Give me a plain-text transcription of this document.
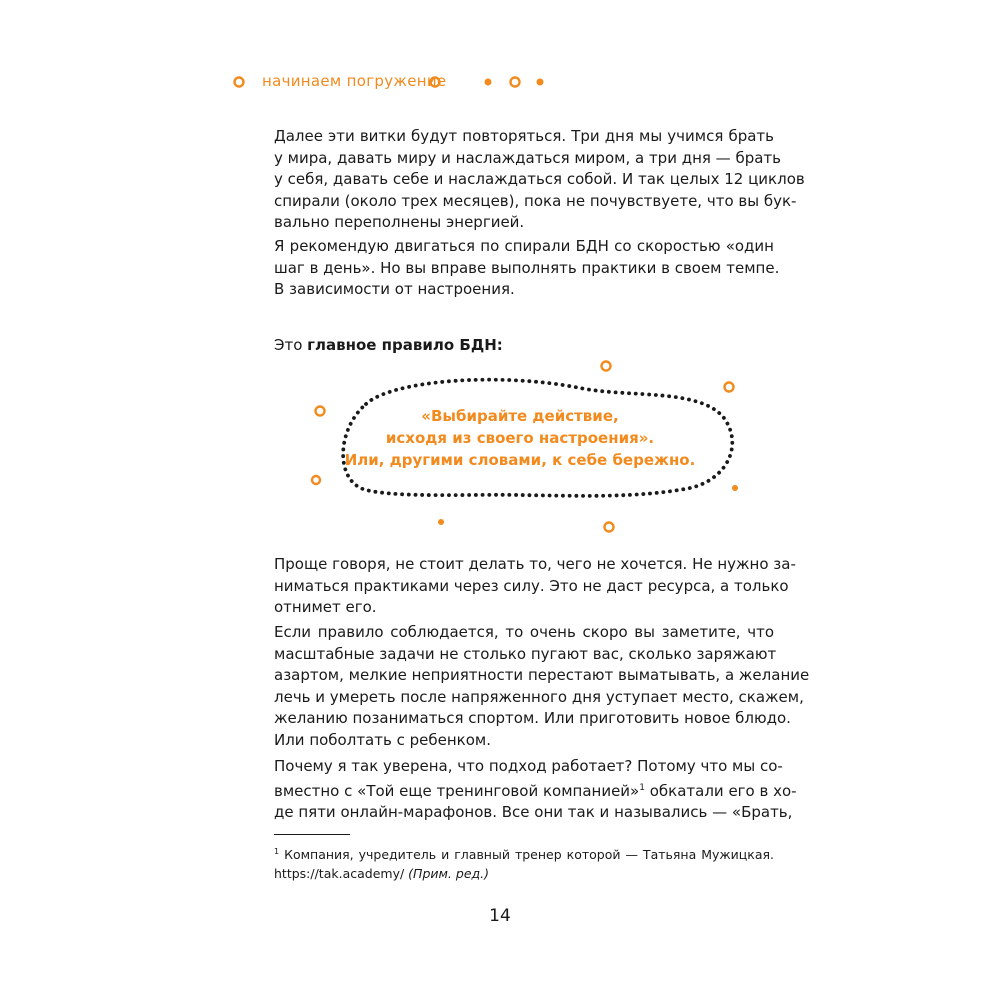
начинаем погружение
Далее эти витки будут повторяться. Три дня мы учимся брать
у мира, давать миру и наслаждаться миром, а три дня — брать
у себя, давать себе и наслаждаться собой. И так целых 12 циклов
спирали (около трех месяцев), пока не почувствуете, что вы бук-
вально переполнены энергией.
Я рекомендую двигаться по спирали БДН со скоростью «один
шаг в день». Но вы вправе выполнять практики в своем темпе.
В зависимости от настроения.
Это главное правило БДН:
«Выбирайте действие,
исходя из своего настроения».
Или, другими словами, к себе бережно.
Проще говоря, не стоит делать то, чего не хочется. Не нужно за-
ниматься практиками через силу. Это не даст ресурса, а только
отнимет его.
Если правило соблюдается, то очень скоро вы заметите, что
масштабные задачи не столько пугают вас, сколько заряжают
азартом, мелкие неприятности перестают выматывать, а желание
лечь и умереть после напряженного дня уступает место, скажем,
желанию позаниматься спортом. Или приготовить новое блюдо.
Или поболтать с ребенком.
Почему я так уверена, что подход работает? Потому что мы со-
вместно с «Той еще тренинговой компанией»$^1$ обкатали его в хо-
де пяти онлайн-марафонов. Все они так и назывались — «Брать,
$^1$ Компания, учредитель и главный тренер которой — Татьяна Мужицкая.
https://tak.academy/ (Прим. ред.)
14
